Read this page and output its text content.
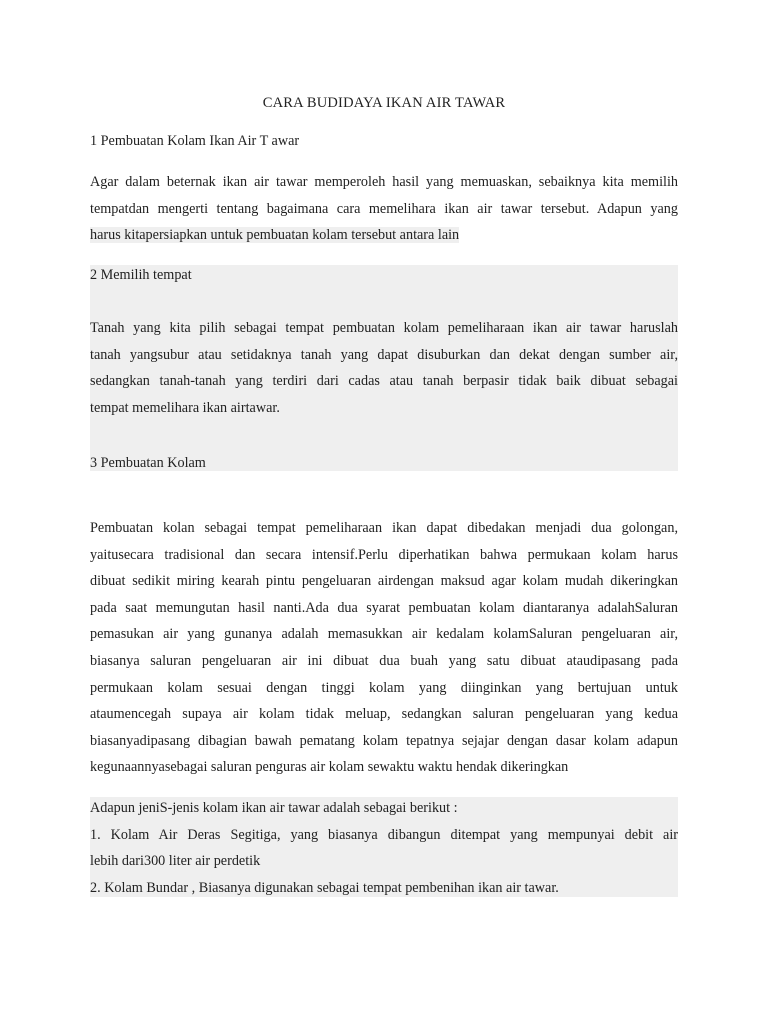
CARA BUDIDAYA IKAN AIR TAWAR
1 Pembuatan Kolam Ikan Air T awar
Agar dalam beternak ikan air tawar memperoleh hasil yang memuaskan, sebaiknya kita memilih
tempatdan mengerti tentang bagaimana cara memelihara ikan air tawar tersebut. Adapun yang
harus kitapersiapkan untuk pembuatan kolam tersebut antara lain
2 Memilih tempat
Tanah yang kita pilih sebagai tempat pembuatan kolam pemeliharaan ikan air tawar haruslah
tanah yangsubur atau setidaknya tanah yang dapat disuburkan dan dekat dengan sumber air,
sedangkan tanah-tanah yang terdiri dari cadas atau tanah berpasir tidak baik dibuat sebagai
tempat memelihara ikan airtawar.
3 Pembuatan Kolam
Pembuatan kolan sebagai tempat pemeliharaan ikan dapat dibedakan menjadi dua golongan,
yaitusecara tradisional dan secara intensif.Perlu diperhatikan bahwa permukaan kolam harus
dibuat sedikit miring kearah pintu pengeluaran airdengan maksud agar kolam mudah dikeringkan
pada saat memungutan hasil nanti.Ada dua syarat pembuatan kolam diantaranya adalahSaluran
pemasukan air yang gunanya adalah memasukkan air kedalam kolamSaluran pengeluaran air,
biasanya saluran pengeluaran air ini dibuat dua buah yang satu dibuat ataudipasang pada
permukaan kolam sesuai dengan tinggi kolam yang diinginkan yang bertujuan untuk
ataumencegah supaya air kolam tidak meluap, sedangkan saluran pengeluaran yang kedua
biasanyadipasang dibagian bawah pematang kolam tepatnya sejajar dengan dasar kolam adapun
kegunaannyasebagai saluran penguras air kolam sewaktu waktu hendak dikeringkan
Adapun jeniS-jenis kolam ikan air tawar adalah sebagai berikut :
1. Kolam Air Deras Segitiga, yang biasanya dibangun ditempat yang mempunyai debit air
lebih dari300 liter air perdetik
2. Kolam Bundar , Biasanya digunakan sebagai tempat pembenihan ikan air tawar.
